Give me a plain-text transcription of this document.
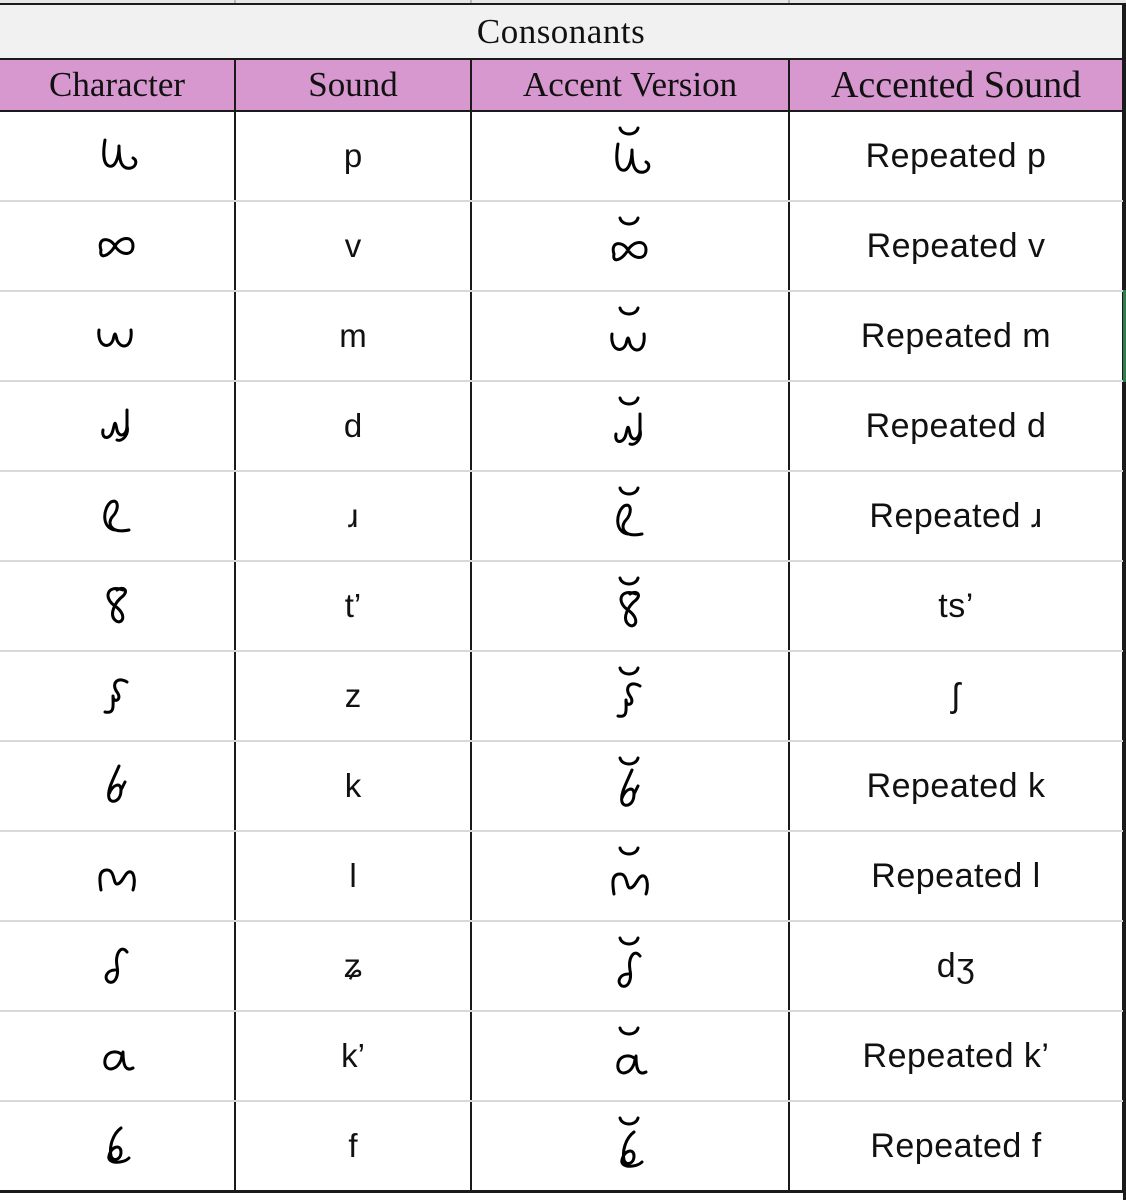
Consonants			
Character	Sound	Accent Version	Accented Sound

	p		Repeated p

	v		Repeated v

	m		Repeated m

	d		Repeated d

	ɹ		Repeated ɹ

	t’		ts’

	z		ʃ

	k		Repeated k

	l		Repeated l

	ʑ		dʒ

	k’		Repeated k’

	f		Repeated f
